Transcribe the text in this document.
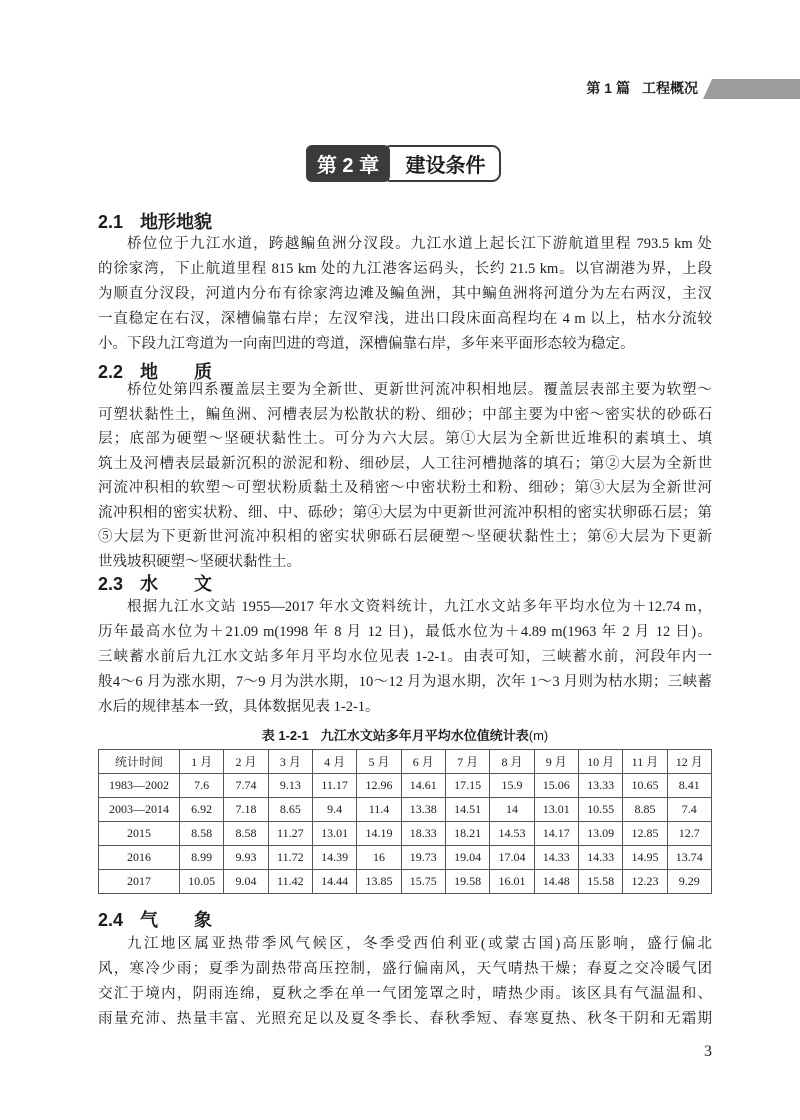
第 1 篇 工程概况
第 2 章	建设条件
2.1 地形地貌
桥位位于九江水道，跨越鳊鱼洲分汊段。九江水道上起长江下游航道里程 793.5 km 处
的徐家湾，下止航道里程 815 km 处的九江港客运码头，长约 21.5 km。以官湖港为界，上段
为顺直分汊段，河道内分布有徐家湾边滩及鳊鱼洲，其中鳊鱼洲将河道分为左右两汊，主汊
一直稳定在右汊，深槽偏靠右岸；左汊窄浅，进出口段床面高程均在 4 m 以上，枯水分流较
小。下段九江弯道为一向南凹进的弯道，深槽偏靠右岸，多年来平面形态较为稳定。
2.2 地　　质
桥位处第四系覆盖层主要为全新世、更新世河流冲积相地层。覆盖层表部主要为软塑～
可塑状黏性土，鳊鱼洲、河槽表层为松散状的粉、细砂；中部主要为中密～密实状的砂砾石
层；底部为硬塑～坚硬状黏性土。可分为六大层。第①大层为全新世近堆积的素填土、填
筑土及河槽表层最新沉积的淤泥和粉、细砂层，人工往河槽抛落的填石；第②大层为全新世
河流冲积相的软塑～可塑状粉质黏土及稍密～中密状粉土和粉、细砂；第③大层为全新世河
流冲积相的密实状粉、细、中、砾砂；第④大层为中更新世河流冲积相的密实状卵砾石层；第
⑤大层为下更新世河流冲积相的密实状卵砾石层硬塑～坚硬状黏性土；第⑥大层为下更新
世残坡积硬塑～坚硬状黏性土。
2.3 水　　文
根据九江水文站 1955—2017 年水文资料统计，九江水文站多年平均水位为＋12.74 m，
历年最高水位为＋21.09 m(1998 年 8 月 12 日)，最低水位为＋4.89 m(1963 年 2 月 12 日)。
三峡蓄水前后九江水文站多年月平均水位见表 1-2-1。由表可知，三峡蓄水前，河段年内一
般4～6 月为涨水期，7～9 月为洪水期，10～12 月为退水期，次年 1～3 月则为枯水期；三峡蓄
水后的规律基本一致，具体数据见表 1-2-1。
表 1-2-1 九江水文站多年月平均水位值统计表(m)
统计时间	1 月	2 月	3 月	4 月	5 月	6 月	7 月	8 月	9 月	10 月	11 月	12 月
1983—2002	7.6	7.74	9.13	11.17	12.96	14.61	17.15	15.9	15.06	13.33	10.65	8.41
2003—2014	6.92	7.18	8.65	9.4	11.4	13.38	14.51	14	13.01	10.55	8.85	7.4
2015	8.58	8.58	11.27	13.01	14.19	18.33	18.21	14.53	14.17	13.09	12.85	12.7
2016	8.99	9.93	11.72	14.39	16	19.73	19.04	17.04	14.33	14.33	14.95	13.74
2017	10.05	9.04	11.42	14.44	13.85	15.75	19.58	16.01	14.48	15.58	12.23	9.29
2.4 气　　象
九江地区属亚热带季风气候区，冬季受西伯利亚(或蒙古国)高压影响，盛行偏北
风，寒冷少雨；夏季为副热带高压控制，盛行偏南风，天气晴热干燥；春夏之交冷暖气团
交汇于境内，阴雨连绵，夏秋之季在单一气团笼罩之时，晴热少雨。该区具有气温温和、
雨量充沛、热量丰富、光照充足以及夏冬季长、春秋季短、春寒夏热、秋冬干阴和无霜期
3
